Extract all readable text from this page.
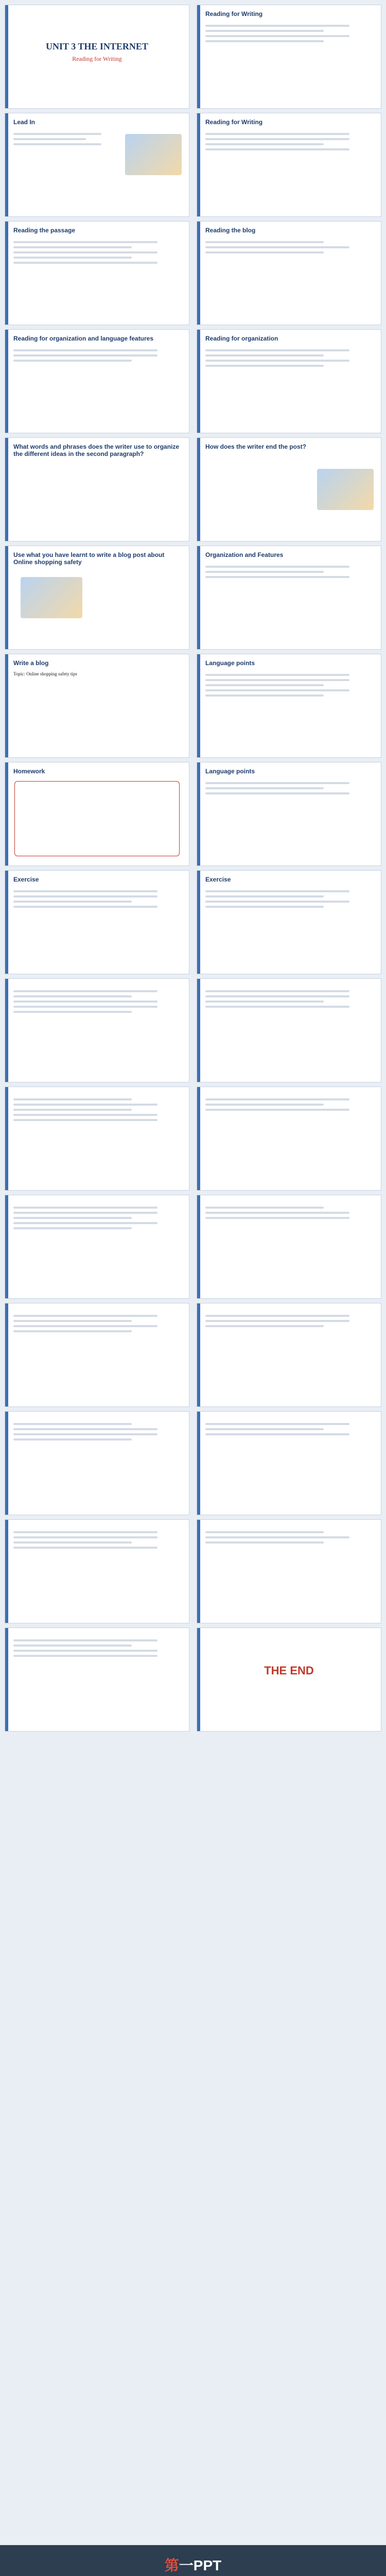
UNIT 3 THE INTERNET
Reading for Writing
Reading for Writing
Lead In	Reading for Writing
Reading the passage	Reading the blog
Reading for organization and language features	Reading for organization
What words and phrases does the writer use to organize the different ideas in the second paragraph?
How does the writer end the post?
Use what you have learnt to write a blog post about Online shopping safety
Organization and Features
Write a blog
Topic: Online shopping safety tips
Language points
Homework	Language points
Exercise	Exercise
THE END
第一PPT
